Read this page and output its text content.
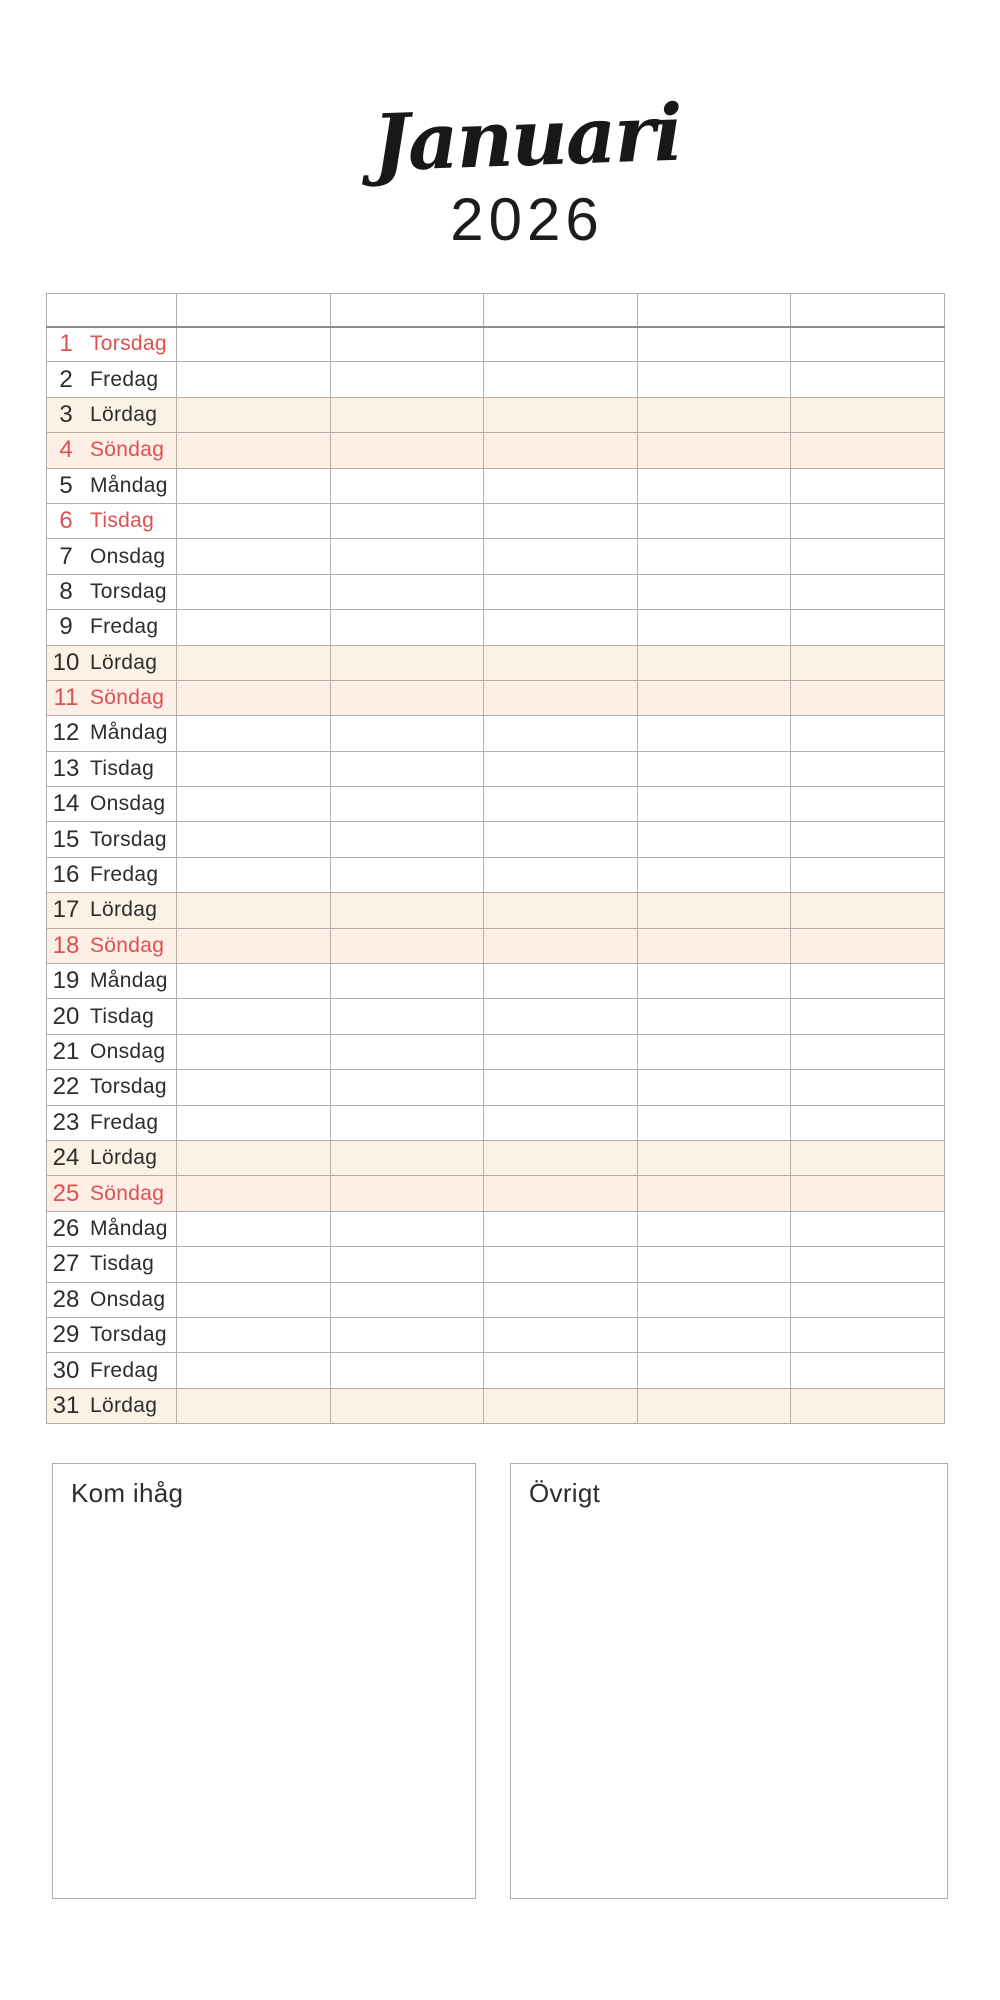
Januari
2026

1 Torsdag					
2 Fredag					
3 Lördag					
4 Söndag					
5 Måndag					
6 Tisdag					
7 Onsdag					
8 Torsdag					
9 Fredag					
10 Lördag					
11 Söndag					
12 Måndag					
13 Tisdag					
14 Onsdag					
15 Torsdag					
16 Fredag					
17 Lördag					
18 Söndag					
19 Måndag					
20 Tisdag					
21 Onsdag					
22 Torsdag					
23 Fredag					
24 Lördag					
25 Söndag					
26 Måndag					
27 Tisdag					
28 Onsdag					
29 Torsdag					
30 Fredag					
31 Lördag					
Kom ihåg	Övrigt
